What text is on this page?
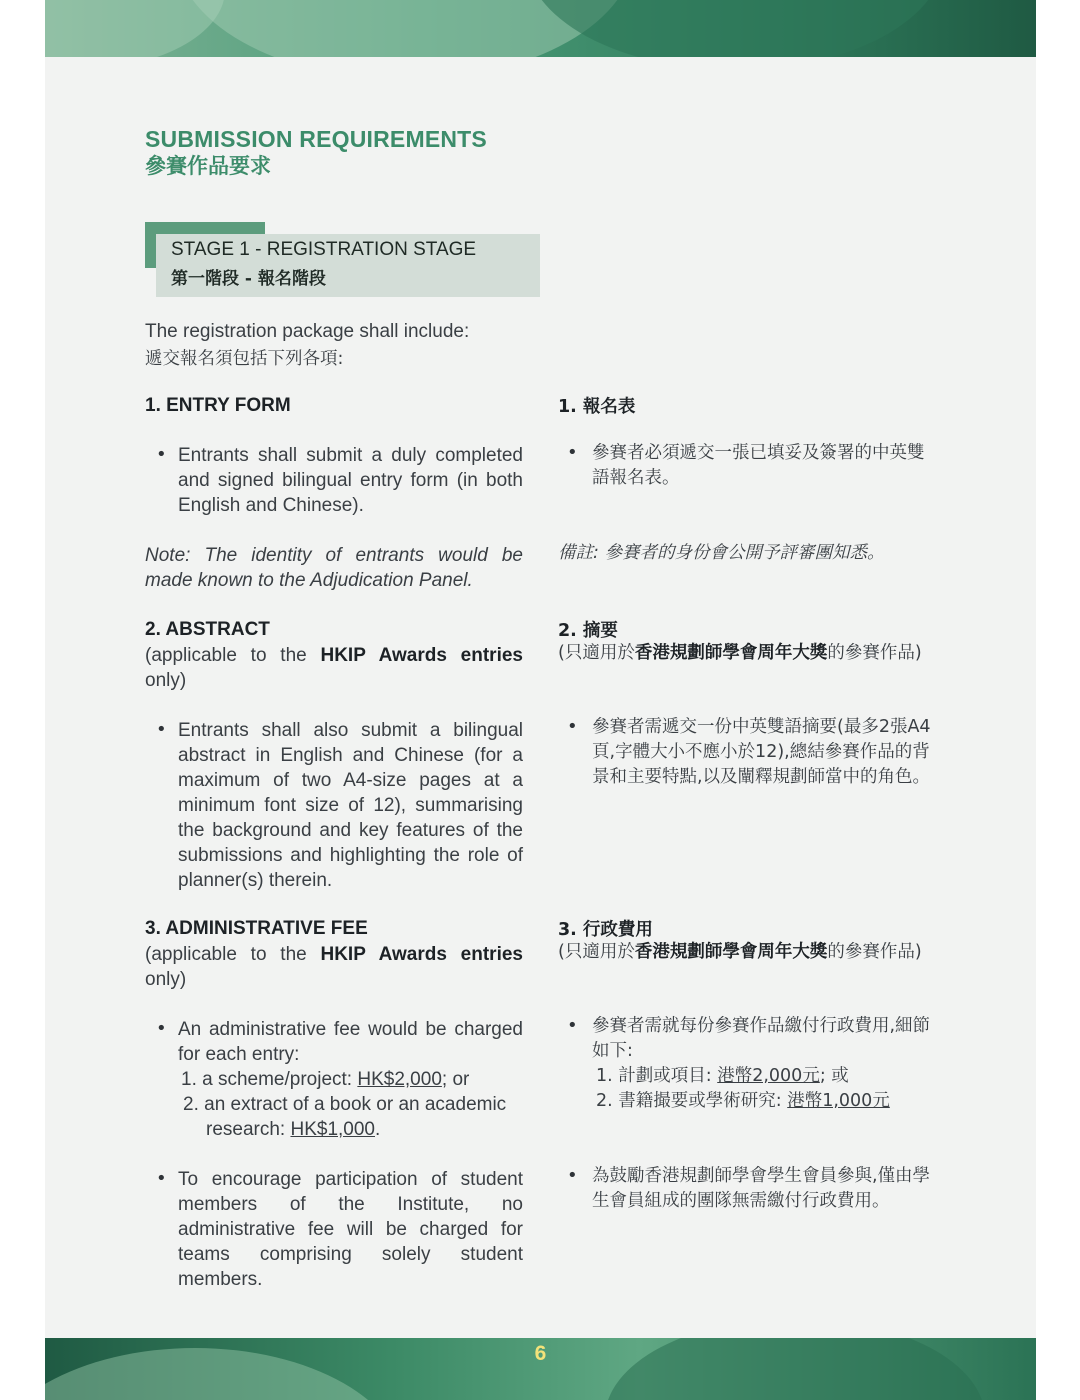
SUBMISSION REQUIREMENTS
參賽作品要求
STAGE 1 - REGISTRATION STAGE
第一階段 - 報名階段
The registration package shall include:
遞交報名須包括下列各項:
1. ENTRY FORM	1. 報名表
• Entrants shall submit a duly completed and signed bilingual entry form (in both English and Chinese).
• 參賽者必須遞交一張已填妥及簽署的中英雙語報名表。
Note: The identity of entrants would be made known to the Adjudication Panel.
備註: 參賽者的身份會公開予評審團知悉。
2. ABSTRACT
(applicable to the HKIP Awards entries only)
2. 摘要
(只適用於香港規劃師學會周年大獎的參賽作品)
• Entrants shall also submit a bilingual abstract in English and Chinese (for a maximum of two A4-size pages at a minimum font size of 12), summarising the background and key features of the submissions and highlighting the role of planner(s) therein.
• 參賽者需遞交一份中英雙語摘要(最多2張A4頁,字體大小不應小於12),總結參賽作品的背景和主要特點,以及闡釋規劃師當中的角色。
3. ADMINISTRATIVE FEE
(applicable to the HKIP Awards entries only)
3. 行政費用
(只適用於香港規劃師學會周年大獎的參賽作品)
• An administrative fee would be charged for each entry:
1. a scheme/project: HK$2,000; or
2. an extract of a book or an academic research: HK$1,000.
• 參賽者需就每份參賽作品繳付行政費用,細節如下:
1. 計劃或項目: 港幣2,000元; 或
2. 書籍撮要或學術研究: 港幣1,000元
• To encourage participation of student members of the Institute, no administrative fee will be charged for teams comprising solely student members.
• 為鼓勵香港規劃師學會學生會員參與,僅由學生會員組成的團隊無需繳付行政費用。
6
